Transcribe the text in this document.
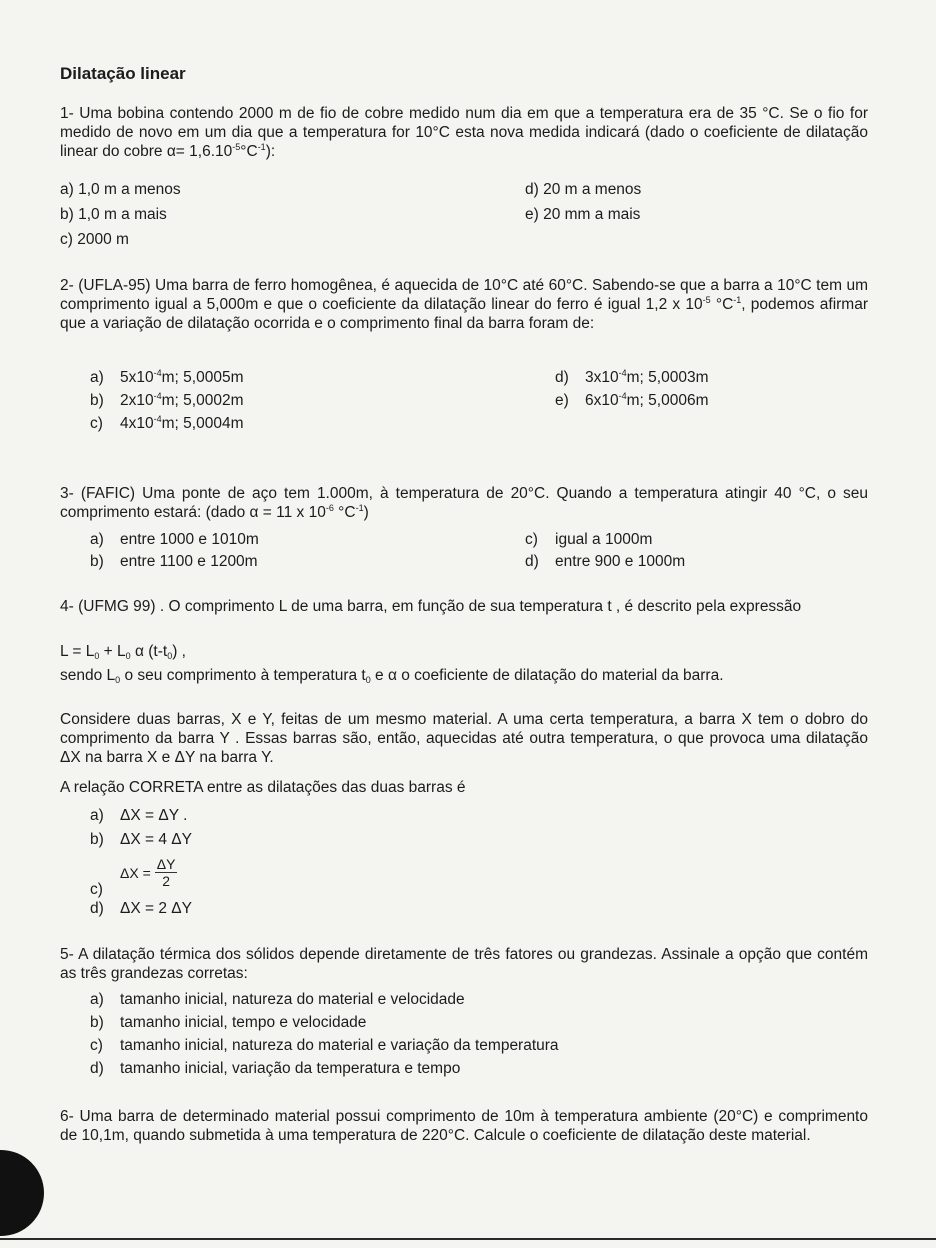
Dilatação linear
1- Uma bobina contendo 2000 m de fio de cobre medido num dia em que a temperatura era de 35 °C. Se o fio for medido de novo em um dia que a temperatura for 10°C esta nova medida indicará (dado o coeficiente de dilatação linear do cobre $\alpha= 1,6.10^{-5}^\circ C^{-1}$):
a) 1,0 m a menos
b) 1,0 m a mais
c) 2000 m
d) 20 m a menos
e) 20 mm a mais
2- (UFLA-95) Uma barra de ferro homogênea, é aquecida de 10°C até 60°C. Sabendo-se que a barra a 10°C tem um comprimento igual a 5,000m e que o coeficiente da dilatação linear do ferro é igual 1,2 x $10^{-5}$ $^\circ C^{-1}$, podemos afirmar que a variação de dilatação ocorrida e o comprimento final da barra foram de:
a) $5x10^{-4}m$; 5,0005m
b) $2x10^{-4}m$; 5,0002m
c) $4x10^{-4}m$; 5,0004m
d) $3x10^{-4}m$; 5,0003m
e) $6x10^{-4}m$; 5,0006m
3- (FAFIC) Uma ponte de aço tem 1.000m, à temperatura de 20°C. Quando a temperatura atingir 40 °C, o seu comprimento estará: (dado α = 11 x $10^{-6}$ $^\circ C^{-1}$)
a) entre 1000 e 1010m
b) entre 1100 e 1200m
c) igual a 1000m
d) entre 900 e 1000m
4- (UFMG 99) . O comprimento L de uma barra, em função de sua temperatura t , é descrito pela expressão
$L = L_0 + L_0$ α $(t-t_0)$ ,
sendo $L_0$ o seu comprimento à temperatura $t_0$ e α o coeficiente de dilatação do material da barra.
Considere duas barras, X e Y, feitas de um mesmo material. A uma certa temperatura, a barra X tem o dobro do comprimento da barra Y . Essas barras são, então, aquecidas até outra temperatura, o que provoca uma dilatação ΔX na barra X e ΔY na barra Y.
A relação CORRETA entre as dilatações das duas barras é
a) ΔX = ΔY .
b) ΔX = 4 ΔY
$\Delta X = \frac{\Delta Y}{2}$
c)
d) ΔX = 2 ΔY
5- A dilatação térmica dos sólidos depende diretamente de três fatores ou grandezas. Assinale a opção que contém as três grandezas corretas:
a) tamanho inicial, natureza do material e velocidade
b) tamanho inicial, tempo e velocidade
c) tamanho inicial, natureza do material e variação da temperatura
d) tamanho inicial, variação da temperatura e tempo
6- Uma barra de determinado material possui comprimento de 10m à temperatura ambiente (20°C) e comprimento de 10,1m, quando submetida à uma temperatura de 220°C. Calcule o coeficiente de dilatação deste material.
